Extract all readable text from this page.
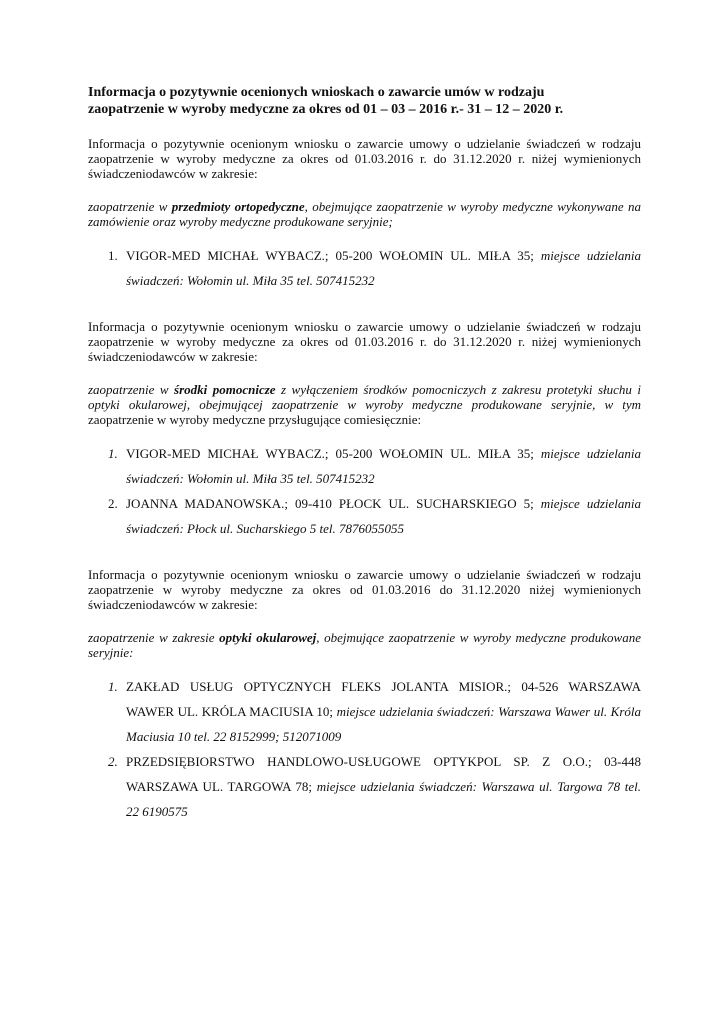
Informacja o pozytywnie ocenionych wnioskach o zawarcie umów w rodzaju
zaopatrzenie w wyroby medyczne za okres od 01 – 03 – 2016 r.- 31 – 12 – 2020 r.

Informacja o pozytywnie ocenionym wniosku o zawarcie umowy o udzielanie świadczeń w rodzaju zaopatrzenie w wyroby medyczne za okres od 01.03.2016 r. do 31.12.2020 r. niżej wymienionych świadczeniodawców w zakresie:

zaopatrzenie w przedmioty ortopedyczne, obejmujące zaopatrzenie w wyroby medyczne wykonywane na zamówienie oraz wyroby medyczne produkowane seryjnie;

1. VIGOR-MED MICHAŁ WYBACZ.; 05-200 WOŁOMIN UL. MIŁA 35; miejsce udzielania świadczeń: Wołomin ul. Miła 35 tel. 507415232

Informacja o pozytywnie ocenionym wniosku o zawarcie umowy o udzielanie świadczeń w rodzaju zaopatrzenie w wyroby medyczne za okres od 01.03.2016 r. do 31.12.2020 r. niżej wymienionych świadczeniodawców w zakresie:

zaopatrzenie w środki pomocnicze z wyłączeniem środków pomocniczych z zakresu protetyki słuchu i optyki okularowej, obejmującej zaopatrzenie w wyroby medyczne produkowane seryjnie, w tym zaopatrzenie w wyroby medyczne przysługujące comiesięcznie:

1. VIGOR-MED MICHAŁ WYBACZ.; 05-200 WOŁOMIN UL. MIŁA 35; miejsce udzielania świadczeń: Wołomin ul. Miła 35 tel. 507415232
2. JOANNA MADANOWSKA.; 09-410 PŁOCK UL. SUCHARSKIEGO 5; miejsce udzielania świadczeń: Płock ul. Sucharskiego 5 tel. 7876055055

Informacja o pozytywnie ocenionym wniosku o zawarcie umowy o udzielanie świadczeń w rodzaju zaopatrzenie w wyroby medyczne za okres od 01.03.2016 do 31.12.2020 niżej wymienionych świadczeniodawców w zakresie:

zaopatrzenie w zakresie optyki okularowej, obejmujące zaopatrzenie w wyroby medyczne produkowane seryjnie:

1. ZAKŁAD USŁUG OPTYCZNYCH FLEKS JOLANTA MISIOR.; 04-526 WARSZAWA WAWER UL. KRÓLA MACIUSIA 10; miejsce udzielania świadczeń: Warszawa Wawer ul. Króla Maciusia 10 tel. 22 8152999; 512071009
2. PRZEDSIĘBIORSTWO HANDLOWO-USŁUGOWE OPTYKPOL SP. Z O.O.; 03-448 WARSZAWA UL. TARGOWA 78; miejsce udzielania świadczeń: Warszawa ul. Targowa 78 tel. 22 6190575
